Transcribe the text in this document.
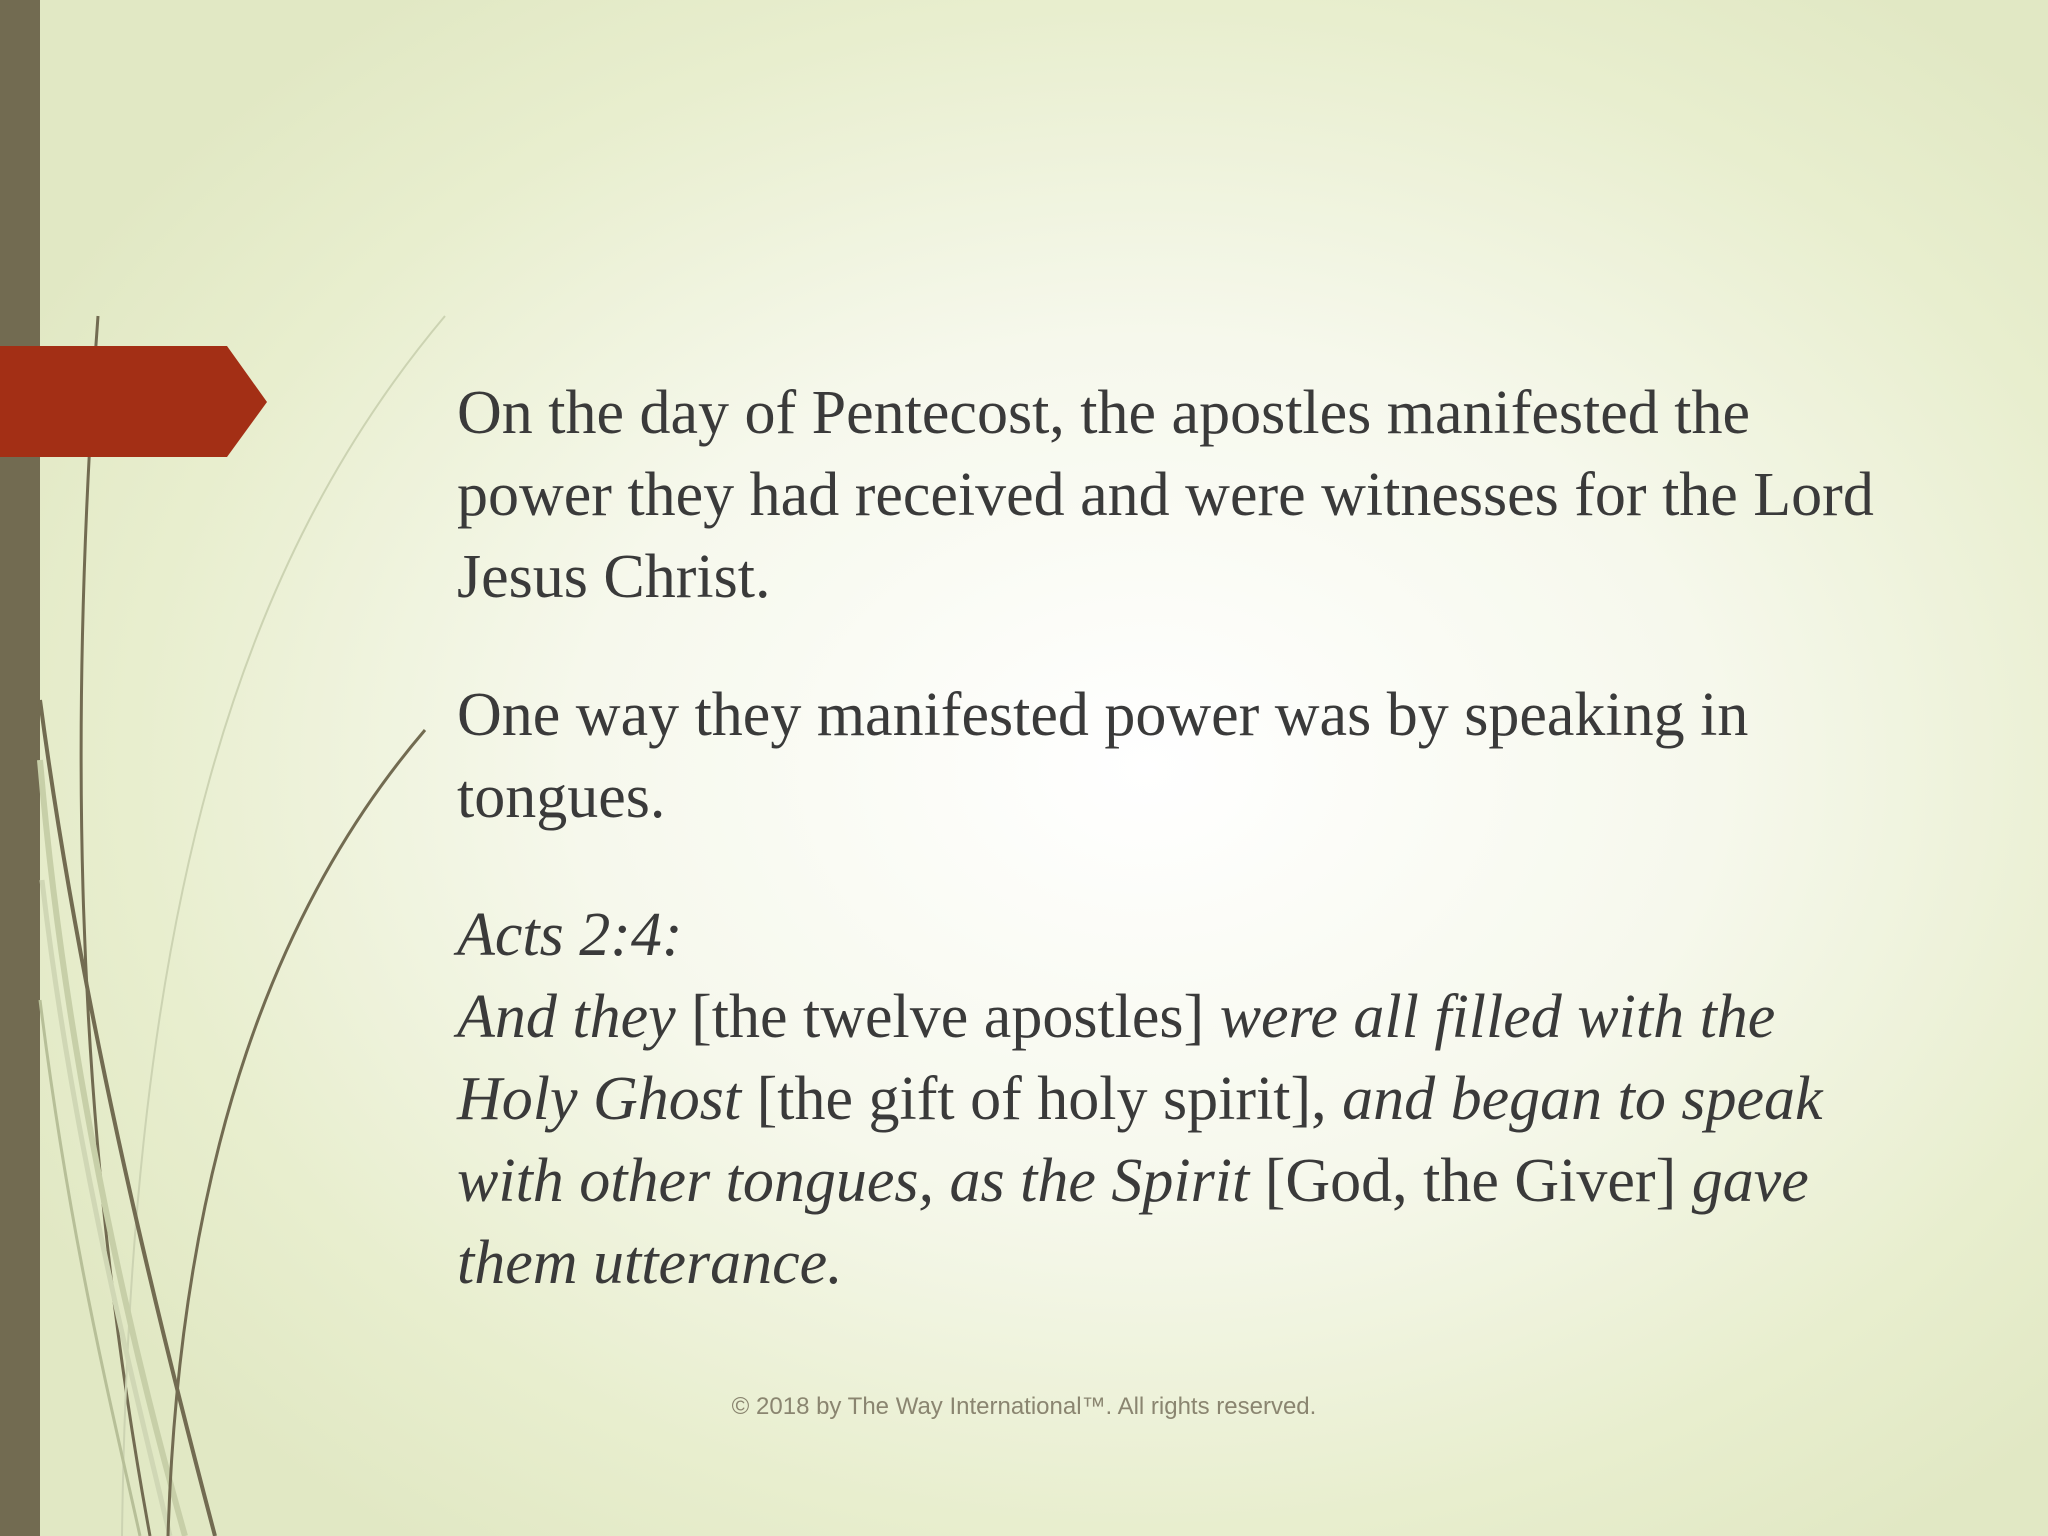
On the day of Pentecost, the apostles manifested the power they had received and were witnesses for the Lord Jesus Christ.

One way they manifested power was by speaking in tongues.

Acts 2:4:
And they [the twelve apostles] were all filled with the Holy Ghost [the gift of holy spirit], and began to speak with other tongues, as the Spirit [God, the Giver] gave them utterance.

© 2018 by The Way International™. All rights reserved.
